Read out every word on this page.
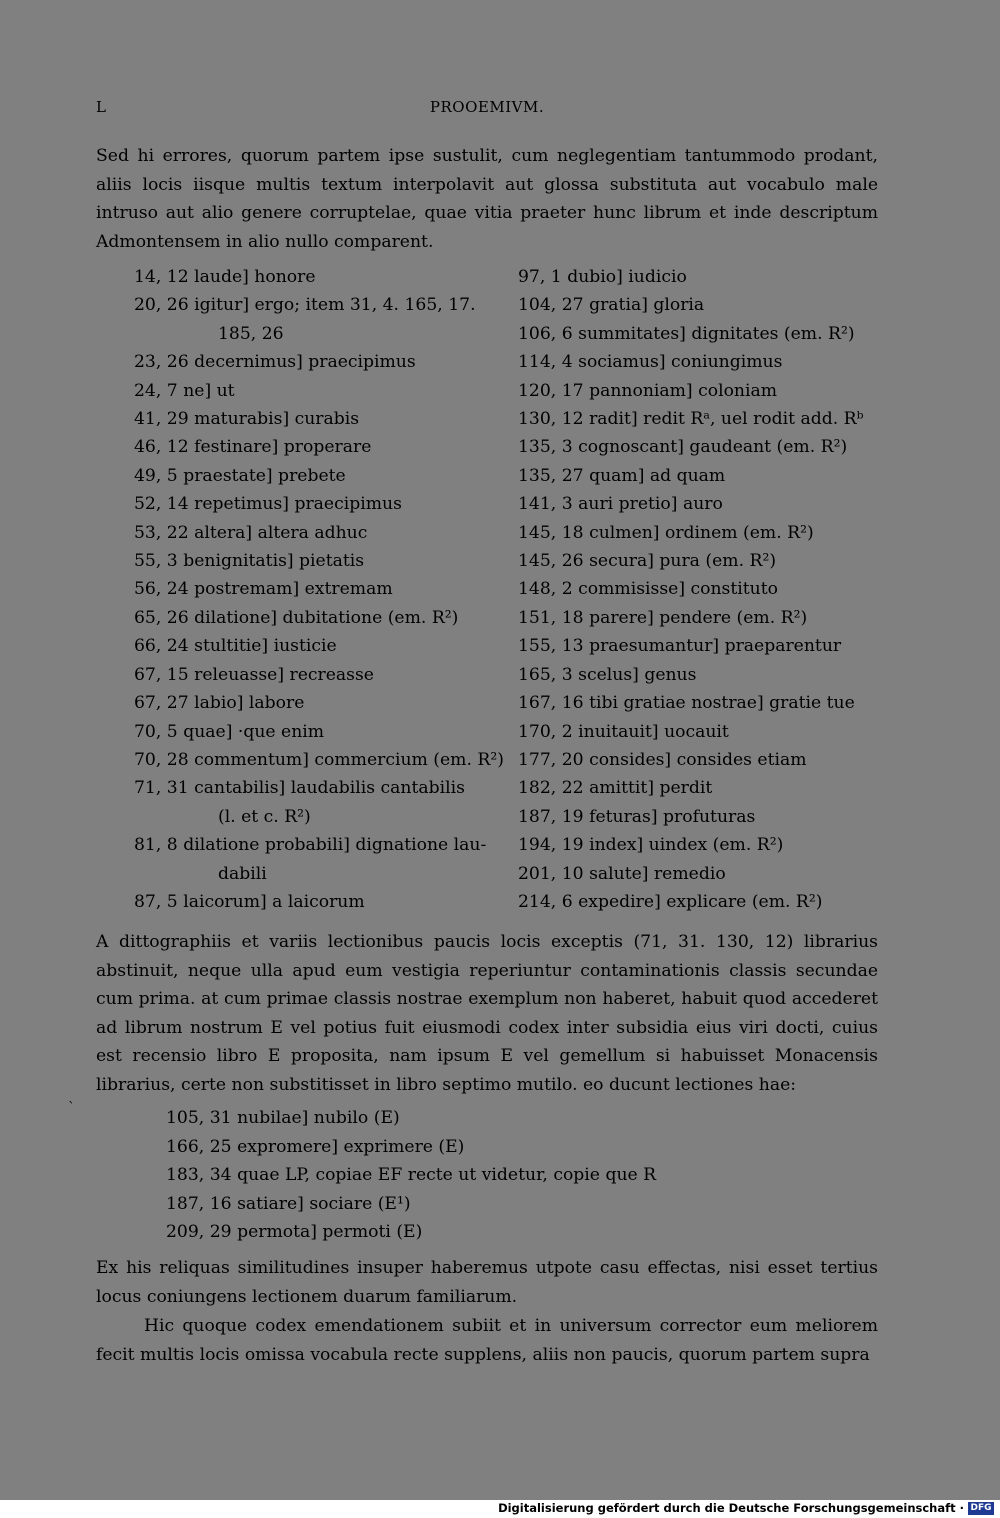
L	PROOEMIVM.
Sed hi errores, quorum partem ipse sustulit, cum neglegentiam tantummodo prodant, aliis locis iisque multis textum interpolavit aut glossa substituta aut vocabulo male intruso aut alio genere corruptelae, quae vitia praeter hunc librum et inde descriptum Admontensem in alio nullo comparent.
14, 12 laude] honore
20, 26 igitur] ergo; item 31, 4. 165, 17.
185, 26
23, 26 decernimus] praecipimus
24, 7 ne] ut
41, 29 maturabis] curabis
46, 12 festinare] properare
49, 5 praestate] prebete
52, 14 repetimus] praecipimus
53, 22 altera] altera adhuc
55, 3 benignitatis] pietatis
56, 24 postremam] extremam
65, 26 dilatione] dubitatione (em. R²)
66, 24 stultitie] iusticie
67, 15 releuasse] recreasse
67, 27 labio] labore
70, 5 quae] ·que enim
70, 28 commentum] commercium (em. R²)
71, 31 cantabilis] laudabilis cantabilis
(l. et c. R²)
81, 8 dilatione probabili] dignatione lau-
dabili
87, 5 laicorum] a laicorum
97, 1 dubio] iudicio
104, 27 gratia] gloria
106, 6 summitates] dignitates (em. R²)
114, 4 sociamus] coniungimus
120, 17 pannoniam] coloniam
130, 12 radit] redit Rᵃ, uel rodit add. Rᵇ
135, 3 cognoscant] gaudeant (em. R²)
135, 27 quam] ad quam
141, 3 auri pretio] auro
145, 18 culmen] ordinem (em. R²)
145, 26 secura] pura (em. R²)
148, 2 commisisse] constituto
151, 18 parere] pendere (em. R²)
155, 13 praesumantur] praeparentur
165, 3 scelus] genus
167, 16 tibi gratiae nostrae] gratie tue
170, 2 inuitauit] uocauit
177, 20 consides] consides etiam
182, 22 amittit] perdit
187, 19 feturas] profuturas
194, 19 index] uindex (em. R²)
201, 10 salute] remedio
214, 6 expedire] explicare (em. R²)
A dittographiis et variis lectionibus paucis locis exceptis (71, 31. 130, 12) librarius abstinuit, neque ulla apud eum vestigia reperiuntur contaminationis classis secundae cum prima. at cum primae classis nostrae exemplum non haberet, habuit quod accederet ad librum nostrum E vel potius fuit eiusmodi codex inter subsidia eius viri docti, cuius est recensio libro E proposita, nam ipsum E vel gemellum si habuisset Monacensis librarius, certe non substitisset in libro septimo mutilo. eo ducunt lectiones hae:
`	105, 31 nubilae] nubilo (E)
166, 25 expromere] exprimere (E)
183, 34 quae LP, copiae EF recte ut videtur, copie que R
187, 16 satiare] sociare (E¹)
209, 29 permota] permoti (E)
Ex his reliquas similitudines insuper haberemus utpote casu effectas, nisi esset tertius locus coniungens lectionem duarum familiarum.
Hic quoque codex emendationem subiit et in universum corrector eum meliorem fecit multis locis omissa vocabula recte supplens, aliis non paucis, quorum partem supra
Digitalisierung gefördert durch die Deutsche Forschungsgemeinschaft · DFG
